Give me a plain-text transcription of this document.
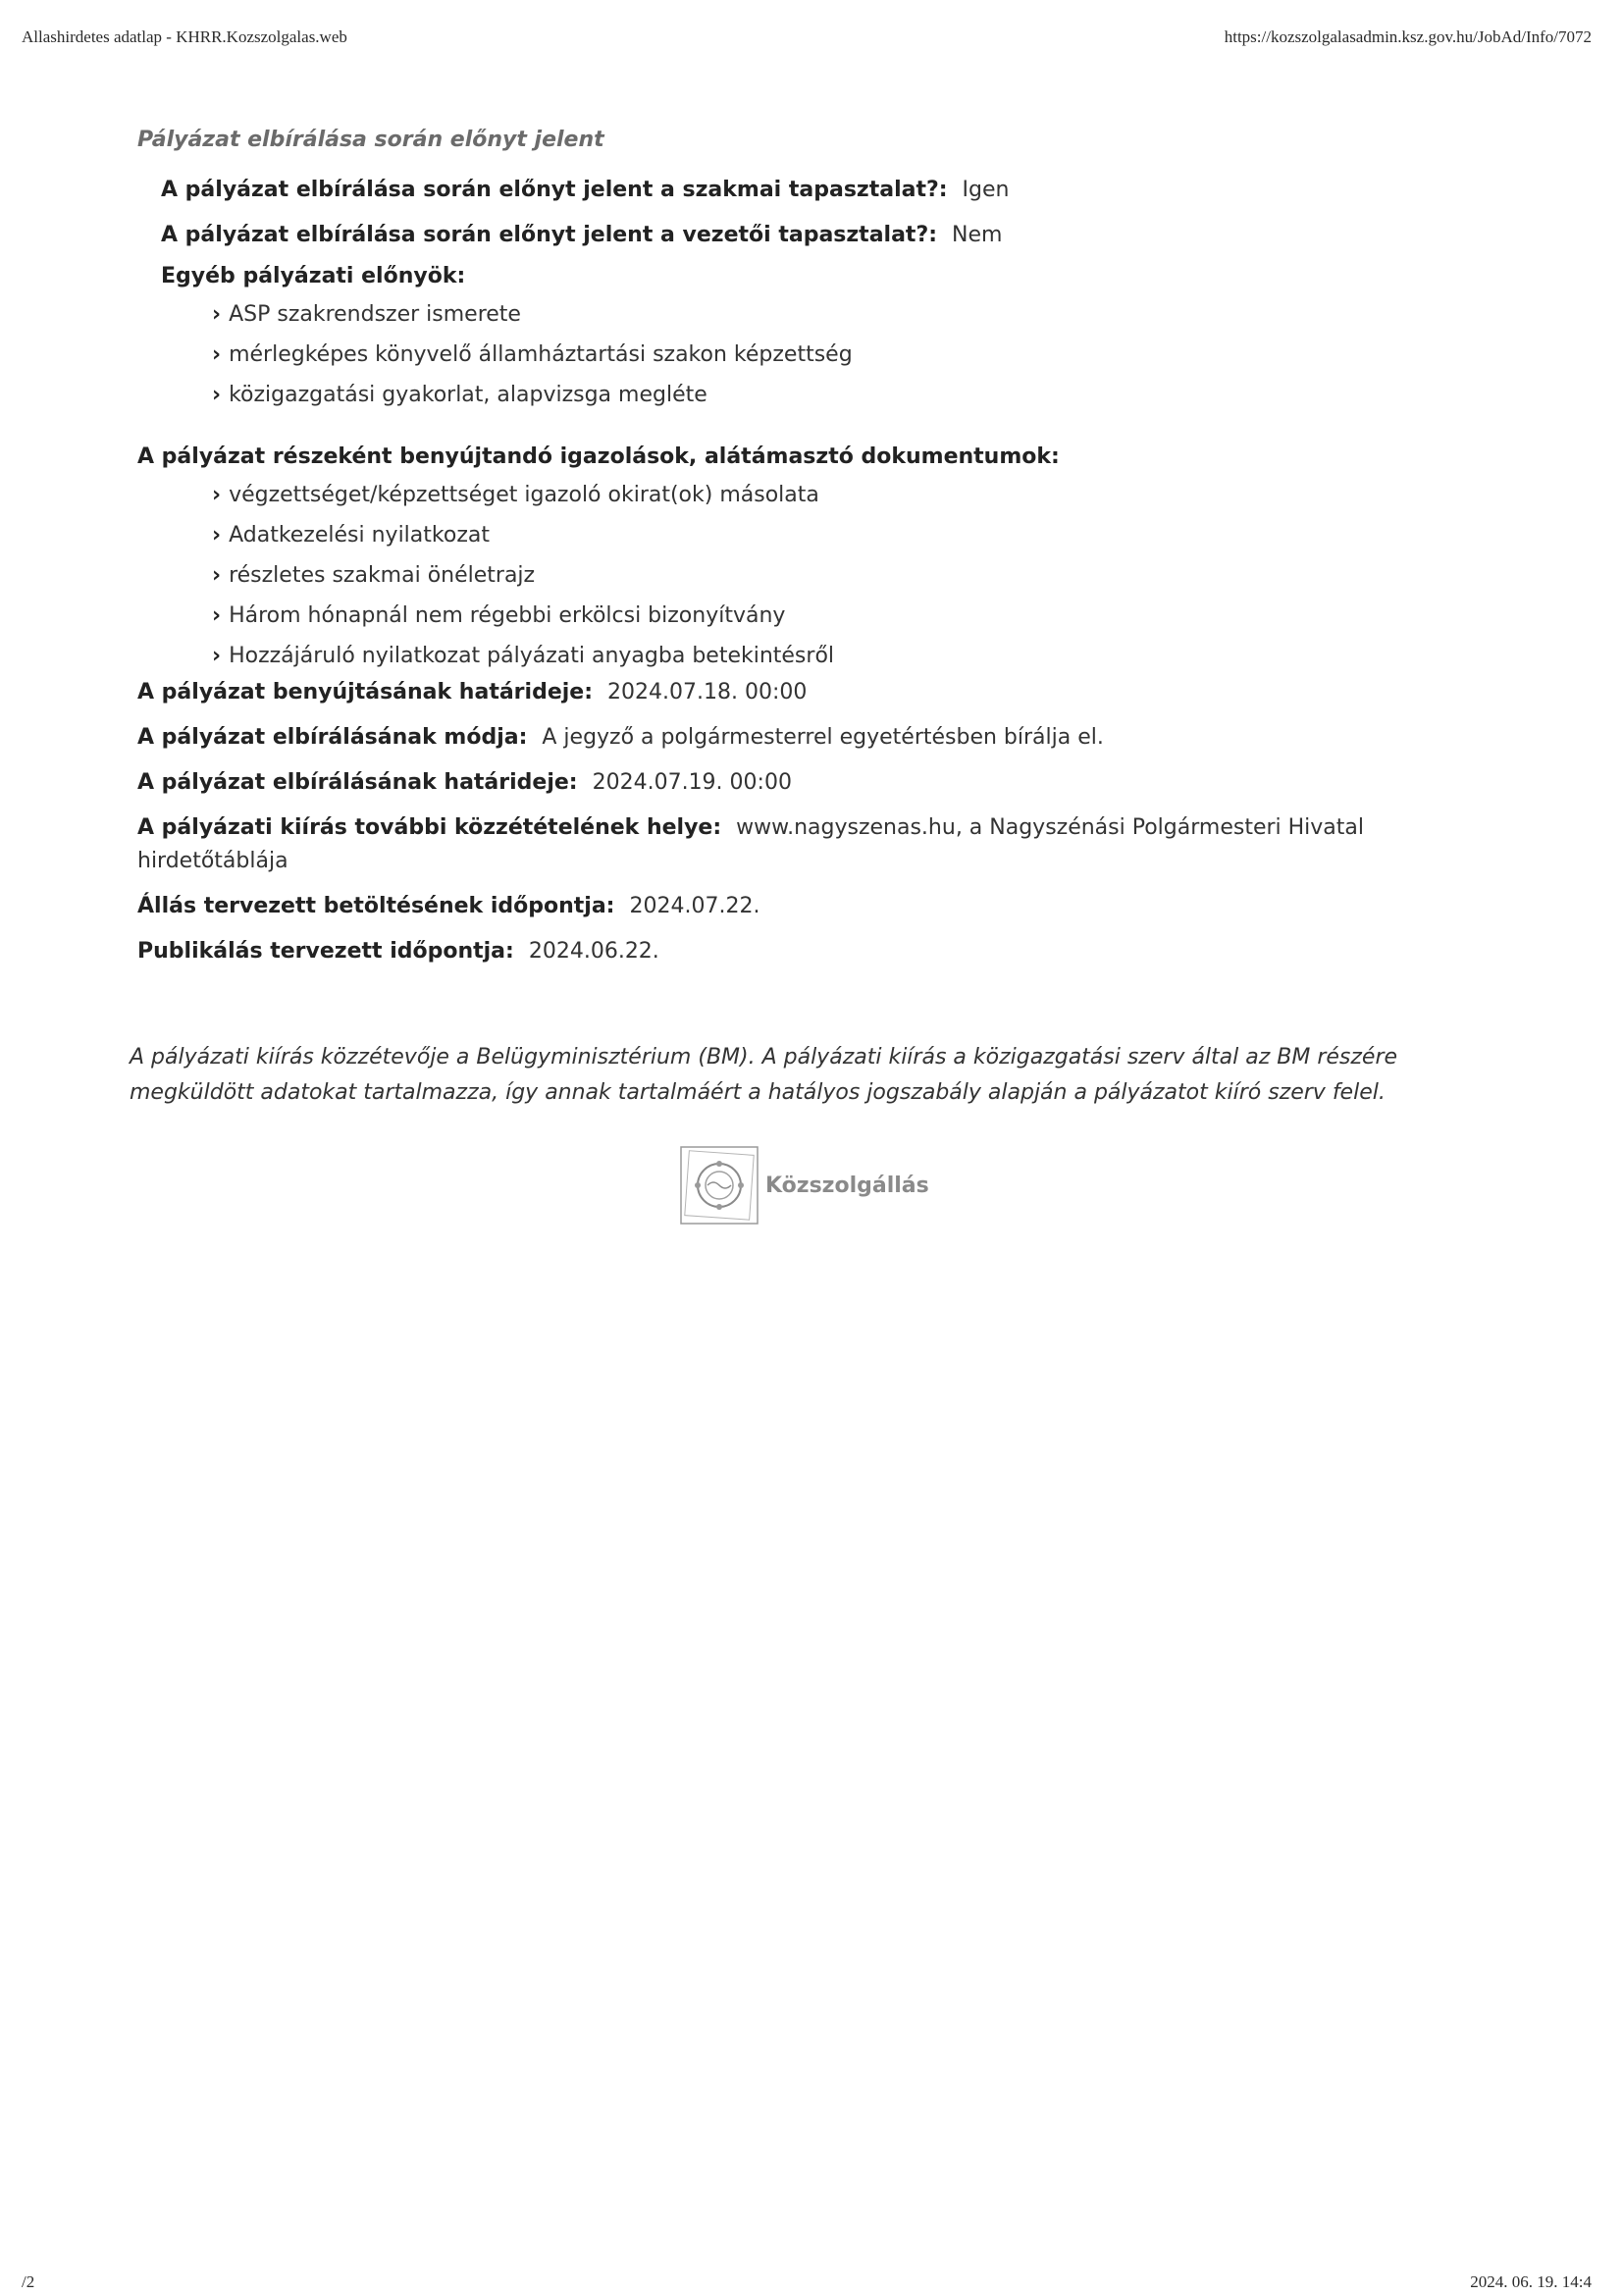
Allashirdetes adatlap - KHRR.Kozszolgalas.web	https://kozszolgalasadmin.ksz.gov.hu/JobAd/Info/7072
Pályázat elbírálása során előnyt jelent
A pályázat elbírálása során előnyt jelent a szakmai tapasztalat?: Igen
A pályázat elbírálása során előnyt jelent a vezetői tapasztalat?: Nem
Egyéb pályázati előnyök:
› ASP szakrendszer ismerete
› mérlegképes könyvelő államháztartási szakon képzettség
› közigazgatási gyakorlat, alapvizsga megléte
A pályázat részeként benyújtandó igazolások, alátámasztó dokumentumok:
› végzettséget/képzettséget igazoló okirat(ok) másolata
› Adatkezelési nyilatkozat
› részletes szakmai önéletrajz
› Három hónapnál nem régebbi erkölcsi bizonyítvány
› Hozzájáruló nyilatkozat pályázati anyagba betekintésről
A pályázat benyújtásának határideje: 2024.07.18. 00:00
A pályázat elbírálásának módja: A jegyző a polgármesterrel egyetértésben bírálja el.
A pályázat elbírálásának határideje: 2024.07.19. 00:00
A pályázati kiírás további közzétételének helye: www.nagyszenas.hu, a Nagyszénási Polgármesteri Hivatal hirdetőtáblája
Állás tervezett betöltésének időpontja: 2024.07.22.
Publikálás tervezett időpontja: 2024.06.22.
A pályázati kiírás közzétevője a Belügyminisztérium (BM). A pályázati kiírás a közigazgatási szerv által az BM részére megküldött adatokat tartalmazza, így annak tartalmáért a hatályos jogszabály alapján a pályázatot kiíró szerv felel.
Közszolgállás
/2	2024. 06. 19. 14:4
